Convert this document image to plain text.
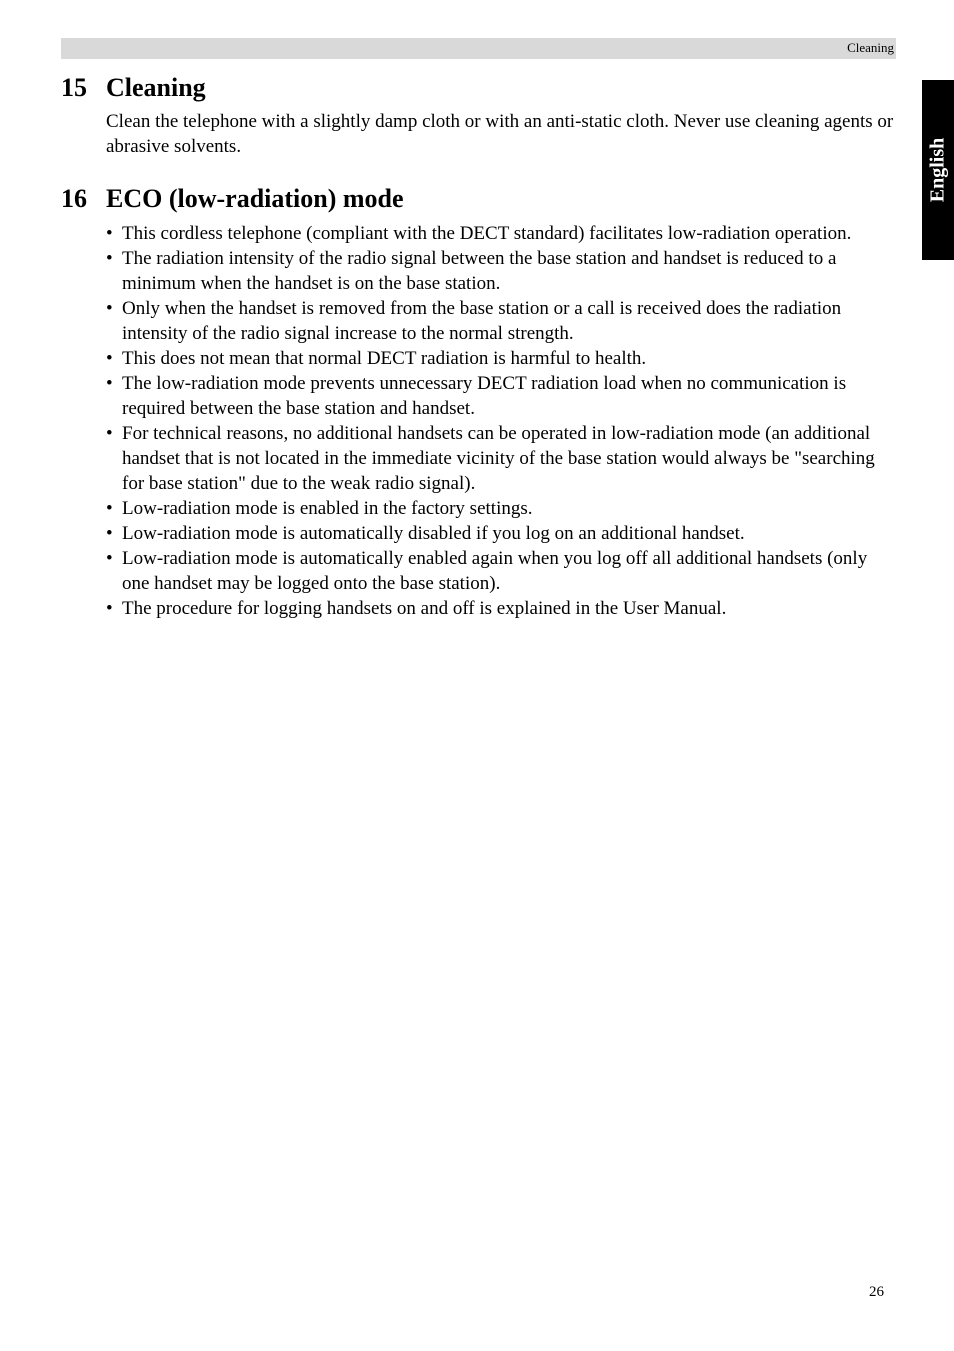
Cleaning
English
15 Cleaning

Clean the telephone with a slightly damp cloth or with an anti-static cloth. Never use cleaning agents or abrasive solvents.

16 ECO (low-radiation) mode
• This cordless telephone (compliant with the DECT standard) facilitates low-radiation operation.
• The radiation intensity of the radio signal between the base station and handset is reduced to a minimum when the handset is on the base station.
• Only when the handset is removed from the base station or a call is received does the radiation intensity of the radio signal increase to the normal strength.
• This does not mean that normal DECT radiation is harmful to health.
• The low-radiation mode prevents unnecessary DECT radiation load when no communication is required between the base station and handset.
• For technical reasons, no additional handsets can be operated in low-radiation mode (an additional handset that is not located in the immediate vicinity of the base station would always be "searching for base station" due to the weak radio signal).
• Low-radiation mode is enabled in the factory settings.
• Low-radiation mode is automatically disabled if you log on an additional handset.
• Low-radiation mode is automatically enabled again when you log off all additional handsets (only one handset may be logged onto the base station).
• The procedure for logging handsets on and off is explained in the User Manual.
26
